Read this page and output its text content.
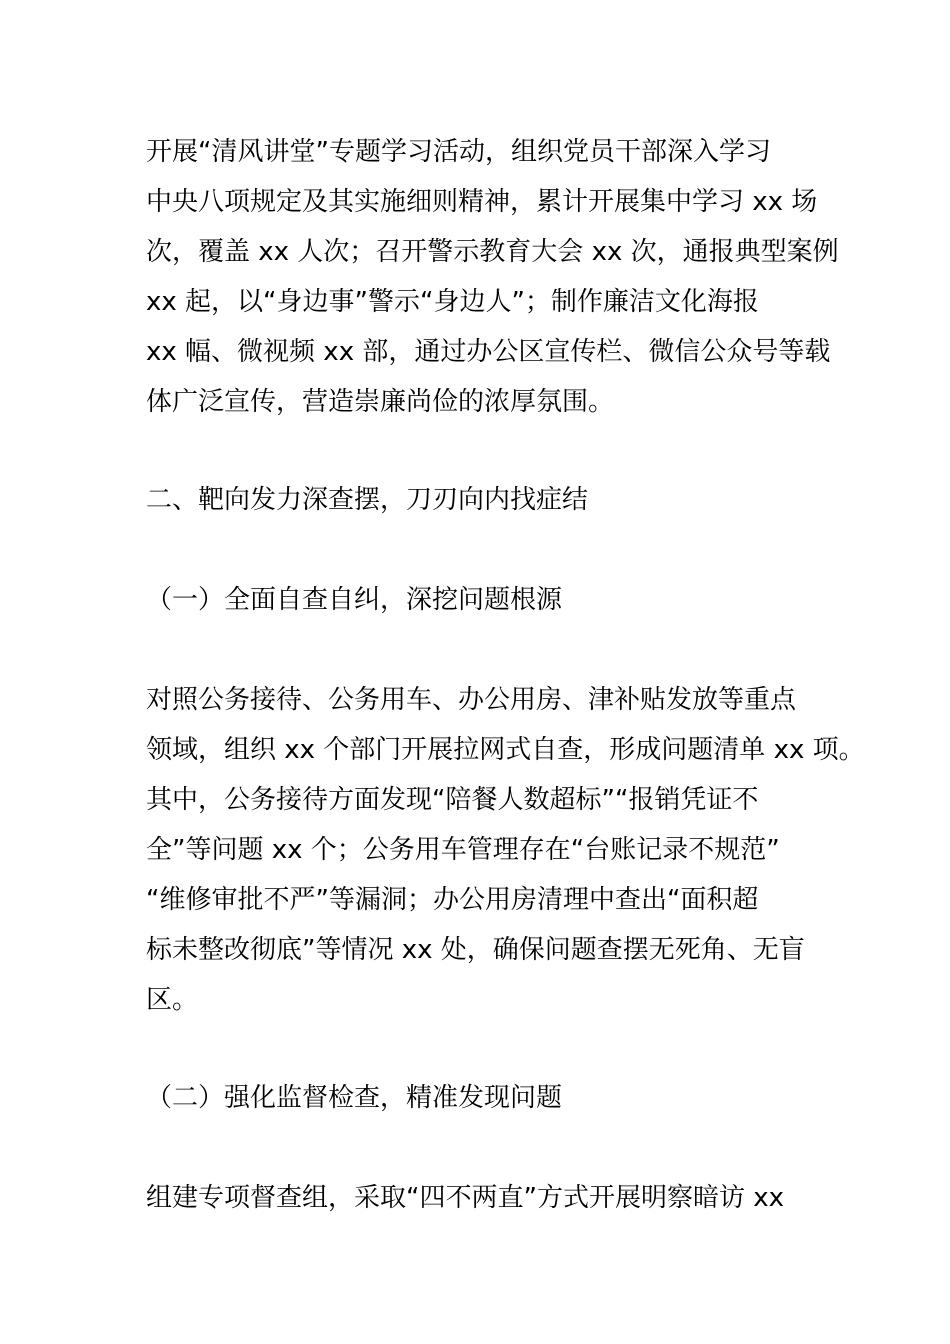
开展“清风讲堂”专题学习活动，组织党员干部深入学习

中央八项规定及其实施细则精神，累计开展集中学习 xx 场

次，覆盖 xx 人次；召开警示教育大会 xx 次，通报典型案例

xx 起，以“身边事”警示“身边人”；制作廉洁文化海报

xx 幅、微视频 xx 部，通过办公区宣传栏、微信公众号等载

体广泛宣传，营造崇廉尚俭的浓厚氛围。

二、靶向发力深查摆，刀刃向内找症结

（一）全面自查自纠，深挖问题根源

对照公务接待、公务用车、办公用房、津补贴发放等重点

领域，组织 xx 个部门开展拉网式自查，形成问题清单 xx 项。

其中，公务接待方面发现“陪餐人数超标”“报销凭证不

全”等问题 xx 个；公务用车管理存在“台账记录不规范”

“维修审批不严”等漏洞；办公用房清理中查出“面积超

标未整改彻底”等情况 xx 处，确保问题查摆无死角、无盲

区。

（二）强化监督检查，精准发现问题

组建专项督查组，采取“四不两直”方式开展明察暗访 xx
